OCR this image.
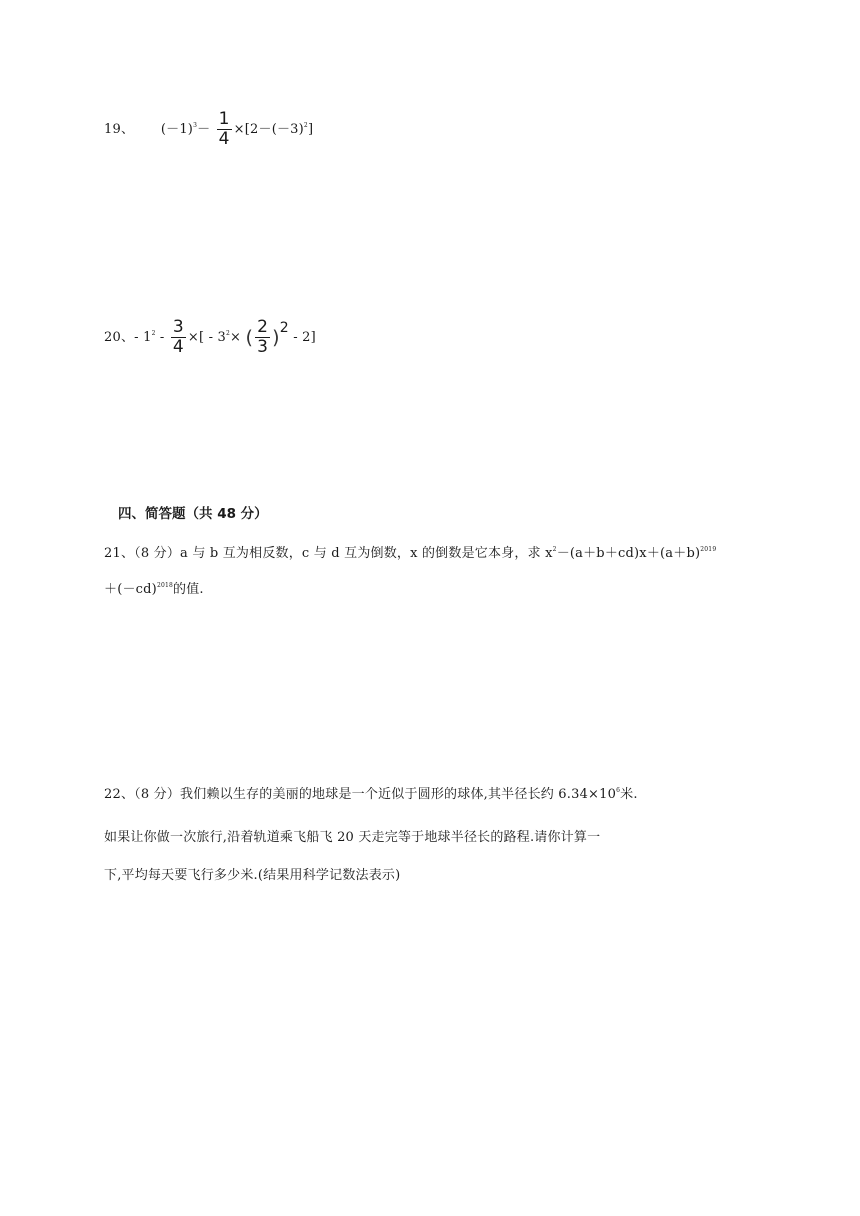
19、 $(-1)^3- \frac{1}{4} \times[2-(-3)^2]$
20、- $1^2 - \frac{3}{4}$ ×[ - $3^2\times$ ( $\frac{2}{3} )2 - 2$]
四、简答题（共 48 分）
21、（8 分）a 与 b 互为相反数，c 与 d 互为倒数，x 的倒数是它本身，求 $x^2-(a+b+cd)x+(a+b)^{2019}$
$+(-cd)^{2018}$的值.
22、（8 分）我们赖以生存的美丽的地球是一个近似于圆形的球体,其半径长约 $6.34\times 10^6$米.
如果让你做一次旅行,沿着轨道乘飞船飞 20 天走完等于地球半径长的路程.请你计算一
下,平均每天要飞行多少米.(结果用科学记数法表示)
